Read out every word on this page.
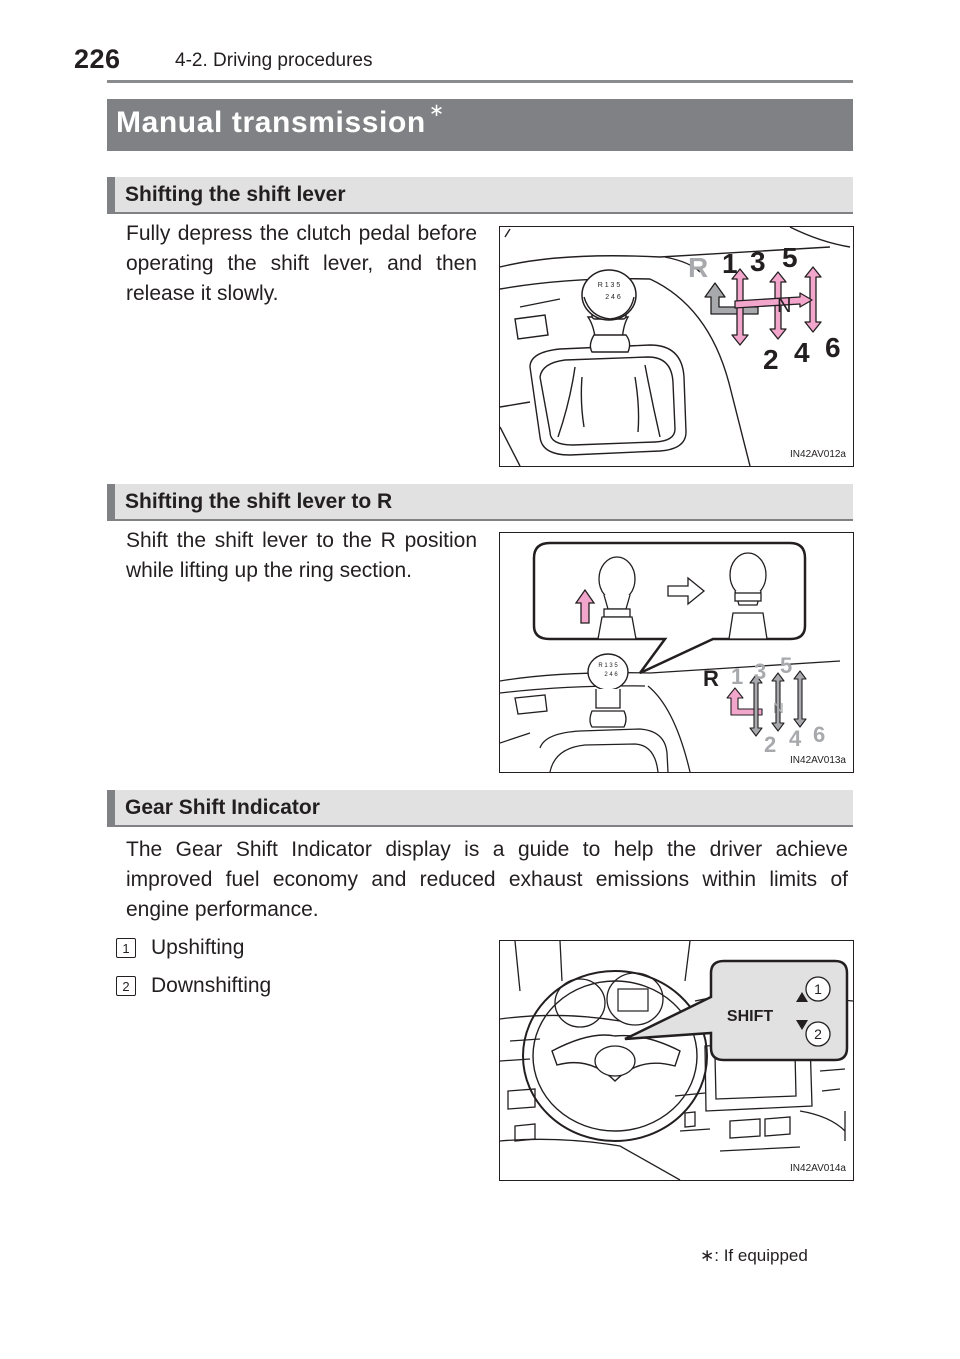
226	4-2. Driving procedures
Manual transmission ∗
Shifting the shift lever
Fully depress the clutch pedal before operating the shift lever, and then release it slowly.	R 1 3 5
2 4 6
R 1 3 5
N
2 4 6
IN42AV012a
Shifting the shift lever to R
Shift the shift lever to the R position while lifting up the ring section.
R 1 3 5
2 4 6	R 1 3 5
N
2 4 6
IN42AV013a
Gear Shift Indicator
The Gear Shift Indicator display is a guide to help the driver achieve improved fuel economy and reduced exhaust emissions within limits of engine performance.
1	Upshifting
2	Downshifting
SHIFT
1
2
IN42AV014a
∗: If equipped
